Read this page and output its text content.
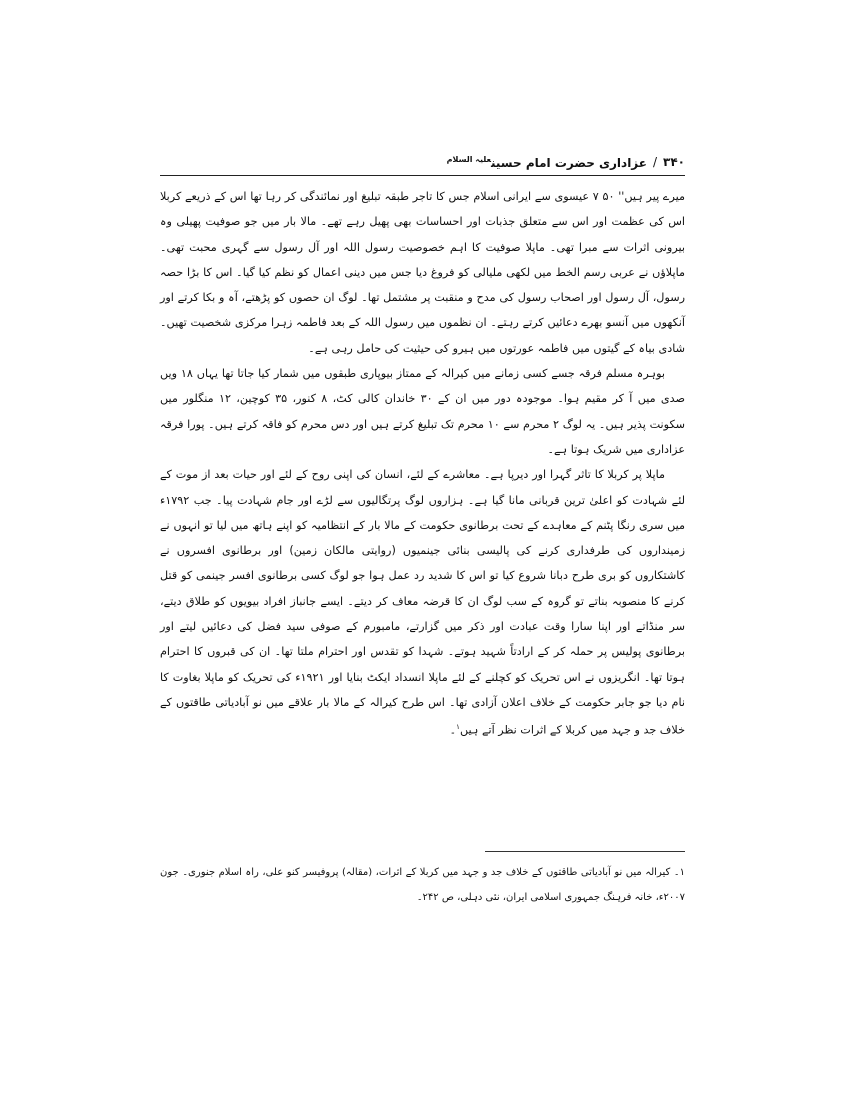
۳۴۰
/
عزاداری حضرت امام حسین$^{علیہ السلام}$

میرے پیر ہیں'' ۵۰ ۷ عیسوی سے ایرانی اسلام جس کا تاجر طبقہ تبلیغ اور نمائندگی کر رہا تھا اس کے ذریعے کربلا اس کی عظمت اور اس سے متعلق جذبات اور احساسات بھی پھیل رہے تھے۔ مالا بار میں جو صوفیت پھیلی وہ بیرونی اثرات سے مبرا تھی۔ ماپلا صوفیت کا اہم خصوصیت رسول اللہ اور آل رسول سے گہری محبت تھی۔ ماپلاؤں نے عربی رسم الخط میں لکھی ملیالی کو فروغ دیا جس میں دینی اعمال کو نظم کیا گیا۔ اس کا بڑا حصہ رسول، آل رسول اور اصحاب رسول کی مدح و منقبت پر مشتمل تھا۔ لوگ ان حصوں کو پڑھتے، آہ و بکا کرتے اور آنکھوں میں آنسو بھرے دعائیں کرتے رہتے۔ ان نظموں میں رسول اللہ کے بعد فاطمہ زہرا مرکزی شخصیت تھیں۔ شادی بیاہ کے گیتوں میں فاطمہ عورتوں میں ہیرو کی حیثیت کی حامل رہی ہے۔

بوہرہ مسلم فرقہ جسے کسی زمانے میں کیرالہ کے ممتاز بیوپاری طبقوں میں شمار کیا جاتا تھا یہاں ۱۸ ویں صدی میں آ کر مقیم ہوا۔ موجودہ دور میں ان کے ۳۰ خاندان کالی کٹ، ۸ کنور، ۳۵ کوچین، ۱۲ منگلور میں سکونت پذیر ہیں۔ یہ لوگ ۲ محرم سے ۱۰ محرم تک تبلیغ کرتے ہیں اور دس محرم کو فاقہ کرتے ہیں۔ پورا فرقہ عزاداری میں شریک ہوتا ہے۔

ماپلا پر کربلا کا تاثر گہرا اور دیرپا ہے۔ معاشرے کے لئے، انسان کی اپنی روح کے لئے اور حیات بعد از موت کے لئے شہادت کو اعلیٰ ترین قربانی مانا گیا ہے۔ ہزاروں لوگ پرتگالیوں سے لڑے اور جام شہادت پیا۔ جب ۱۷۹۲ء میں سری رنگا پٹنم کے معاہدے کے تحت برطانوی حکومت کے مالا بار کے انتظامیہ کو اپنے ہاتھ میں لیا تو انہوں نے زمینداروں کی طرفداری کرنے کی پالیسی بنائی جینمیوں (روایتی مالکان زمین) اور برطانوی افسروں نے کاشتکاروں کو بری طرح دبانا شروع کیا تو اس کا شدید رد عمل ہوا جو لوگ کسی برطانوی افسر جینمی کو قتل کرنے کا منصوبہ بناتے تو گروہ کے سب لوگ ان کا قرضہ معاف کر دیتے۔ ایسے جانباز افراد بیویوں کو طلاق دیتے، سر منڈاتے اور اپنا سارا وقت عبادت اور ذکر میں گزارتے، مامبورم کے صوفی سید فضل کی دعائیں لیتے اور برطانوی پولیس پر حملہ کر کے ارادتاً شہید ہوتے۔ شہدا کو تقدس اور احترام ملتا تھا۔ ان کی قبروں کا احترام ہوتا تھا۔ انگریزوں نے اس تحریک کو کچلنے کے لئے ماپلا انسداد ایکٹ بنایا اور ۱۹۲۱ء کی تحریک کو ماپلا بغاوت کا نام دیا جو جابر حکومت کے خلاف اعلان آزادی تھا۔ اس طرح کیرالہ کے مالا بار علاقے میں نو آبادیاتی طاقتوں کے خلاف جد و جہد میں کربلا کے اثرات نظر آتے ہیں$^۱$۔

۱۔ کیرالہ میں نو آبادیاتی طاقتوں کے خلاف جد و جہد میں کربلا کے اثرات، (مقالہ) پروفیسر کنو علی، راہ اسلام جنوری۔ جون ۲۰۰۷ء، خانہ فرہنگ جمہوری اسلامی ایران، نئی دہلی، ص ۲۴۲۔
